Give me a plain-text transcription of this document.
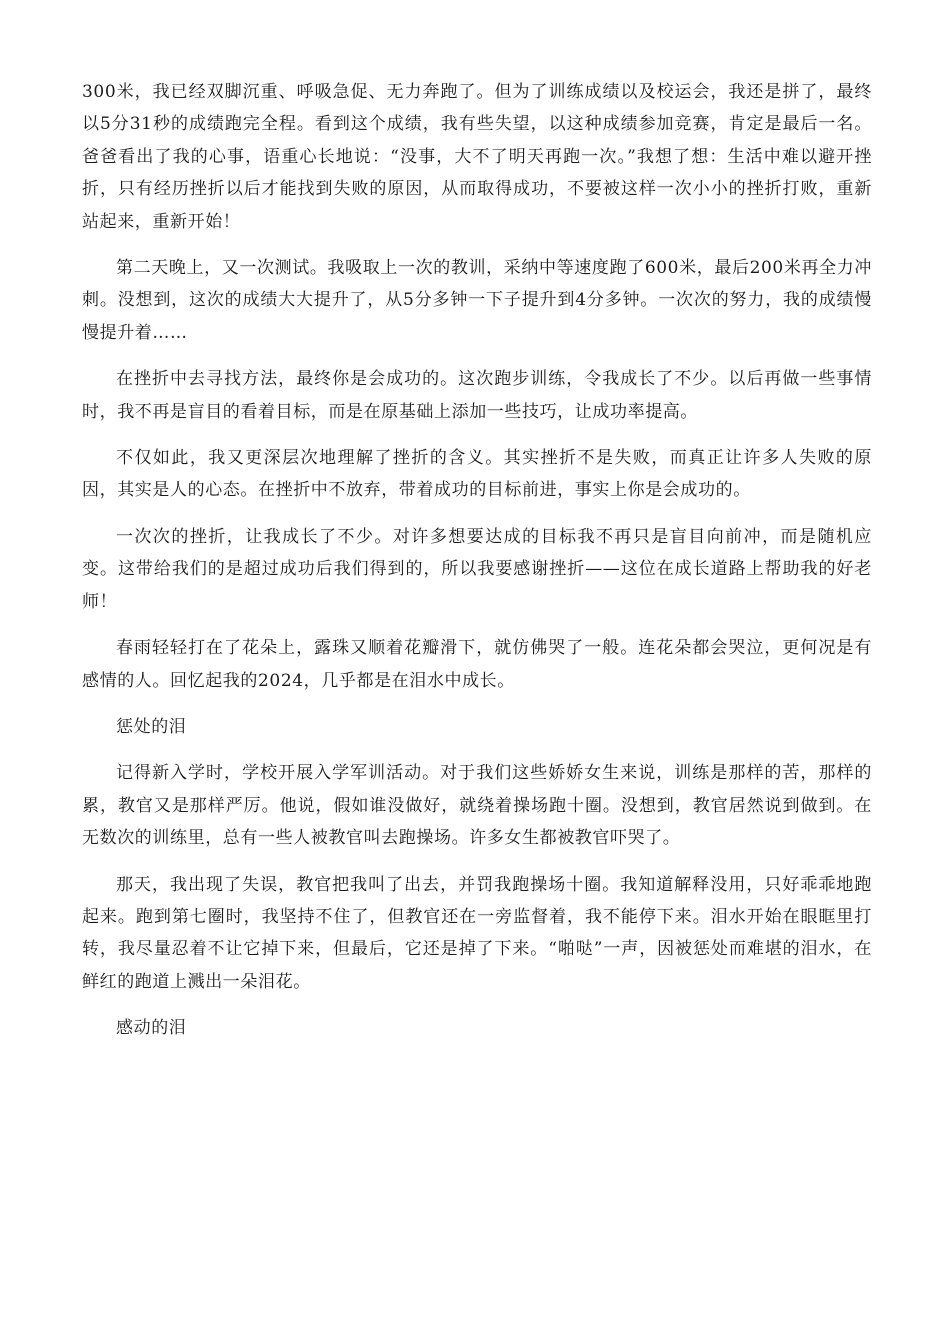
300米，我已经双脚沉重、呼吸急促、无力奔跑了。但为了训练成绩以及校运会，我还是拼了，最终以5分31秒的成绩跑完全程。看到这个成绩，我有些失望，以这种成绩参加竞赛，肯定是最后一名。爸爸看出了我的心事，语重心长地说：“没事，大不了明天再跑一次。”我想了想：生活中难以避开挫折，只有经历挫折以后才能找到失败的原因，从而取得成功，不要被这样一次小小的挫折打败，重新站起来，重新开始！

第二天晚上，又一次测试。我吸取上一次的教训，采纳中等速度跑了600米，最后200米再全力冲刺。没想到，这次的成绩大大提升了，从5分多钟一下子提升到4分多钟。一次次的努力，我的成绩慢慢提升着……

在挫折中去寻找方法，最终你是会成功的。这次跑步训练，令我成长了不少。以后再做一些事情时，我不再是盲目的看着目标，而是在原基础上添加一些技巧，让成功率提高。

不仅如此，我又更深层次地理解了挫折的含义。其实挫折不是失败，而真正让许多人失败的原因，其实是人的心态。在挫折中不放弃，带着成功的目标前进，事实上你是会成功的。

一次次的挫折，让我成长了不少。对许多想要达成的目标我不再只是盲目向前冲，而是随机应变。这带给我们的是超过成功后我们得到的，所以我要感谢挫折——这位在成长道路上帮助我的好老师！

春雨轻轻打在了花朵上，露珠又顺着花瓣滑下，就仿佛哭了一般。连花朵都会哭泣，更何况是有感情的人。回忆起我的2024，几乎都是在泪水中成长。

惩处的泪

记得新入学时，学校开展入学军训活动。对于我们这些娇娇女生来说，训练是那样的苦，那样的累，教官又是那样严厉。他说，假如谁没做好，就绕着操场跑十圈。没想到，教官居然说到做到。在无数次的训练里，总有一些人被教官叫去跑操场。许多女生都被教官吓哭了。

那天，我出现了失误，教官把我叫了出去，并罚我跑操场十圈。我知道解释没用，只好乖乖地跑起来。跑到第七圈时，我坚持不住了，但教官还在一旁监督着，我不能停下来。泪水开始在眼眶里打转，我尽量忍着不让它掉下来，但最后，它还是掉了下来。“啪哒”一声，因被惩处而难堪的泪水，在鲜红的跑道上溅出一朵泪花。

感动的泪
